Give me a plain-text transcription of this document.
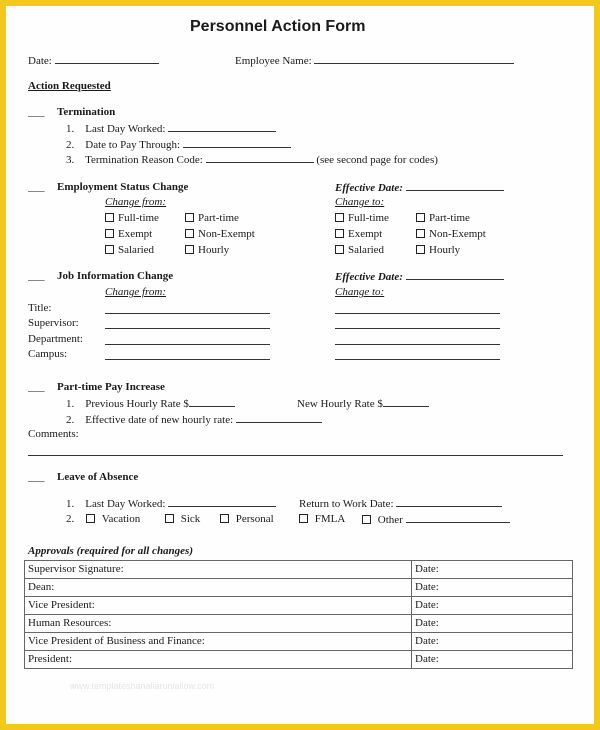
Personnel Action Form
Date:	Employee Name:
Action Requested
___ Termination
1. Last Day Worked:
2. Date to Pay Through:
3. Termination Reason Code:	(see second page for codes)
___ Employment Status Change	Effective Date:
Change from:	Change to:
Full-time	Part-time
Exempt	Non-Exempt
Salaried	Hourly
Full-time	Part-time
Exempt	Non-Exempt
Salaried	Hourly
___ Job Information Change	Effective Date:
Change from:	Change to:
Title:
Supervisor:
Department:
Campus:
___ Part-time Pay Increase
1. Previous Hourly Rate $	New Hourly Rate $
2. Effective date of new hourly rate:
Comments:
___ Leave of Absence
1. Last Day Worked:	Return to Work Date:
2.	Vacation	Sick	Personal	FMLA	Other
Approvals (required for all changes)
Supervisor Signature:	Date:
Dean:	Date:
Vice President:	Date:
Human Resources:	Date:
Vice President of Business and Finance:	Date:
President:	Date:
www.templateshanaliaruniallow.com
